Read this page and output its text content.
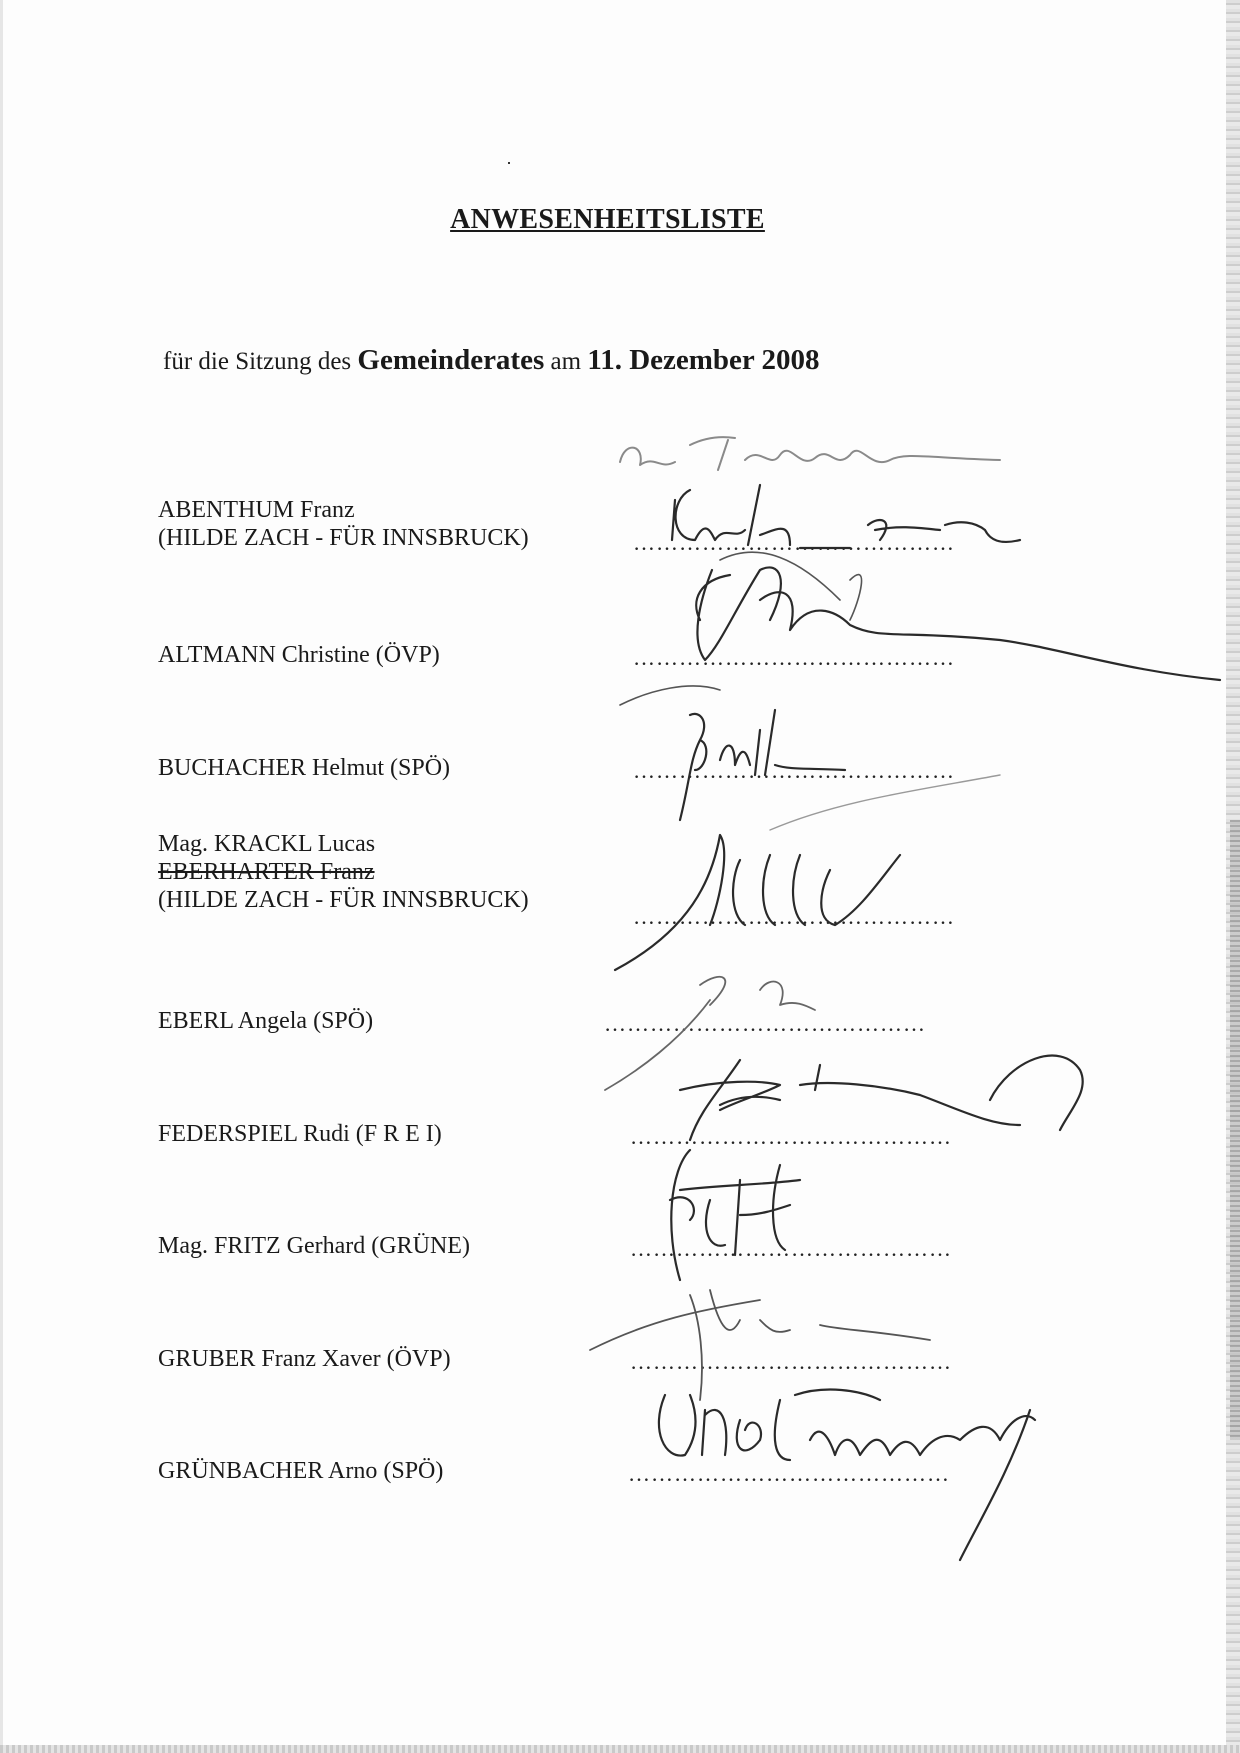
ANWESENHEITSLISTE
für die Sitzung des Gemeinderates am 11. Dezember 2008
ABENTHUM Franz
(HILDE ZACH - FÜR INNSBRUCK)	……………………………………
ALTMANN Christine (ÖVP)	……………………………………
BUCHACHER Helmut (SPÖ)	……………………………………
Mag. KRACKL Lucas
EBERHARTER Franz
(HILDE ZACH - FÜR INNSBRUCK)
……………………………………
EBERL Angela (SPÖ)	……………………………………
FEDERSPIEL Rudi (F R E I)	……………………………………
Mag. FRITZ Gerhard (GRÜNE)	……………………………………
GRUBER Franz Xaver (ÖVP)	……………………………………
GRÜNBACHER Arno (SPÖ)	……………………………………
